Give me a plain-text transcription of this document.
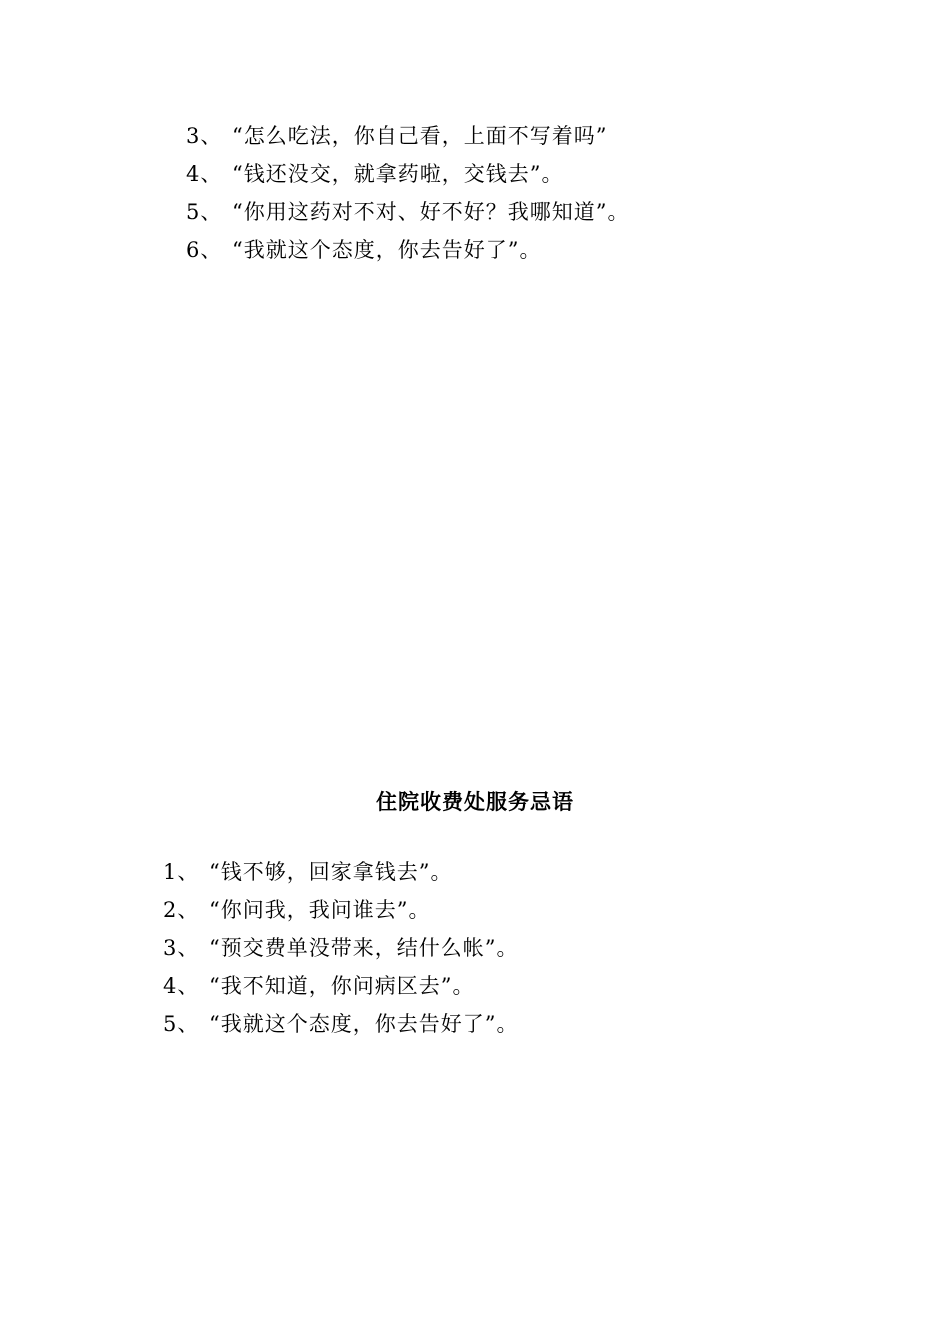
3、 “怎么吃法，你自己看，上面不写着吗”
4、 “钱还没交，就拿药啦，交钱去”。
5、 “你用这药对不对、好不好？我哪知道”。
6、 “我就这个态度，你去告好了”。
住院收费处服务忌语
1、 “钱不够，回家拿钱去”。
2、 “你问我，我问谁去”。
3、 “预交费单没带来，结什么帐”。
4、 “我不知道，你问病区去”。
5、 “我就这个态度，你去告好了”。
